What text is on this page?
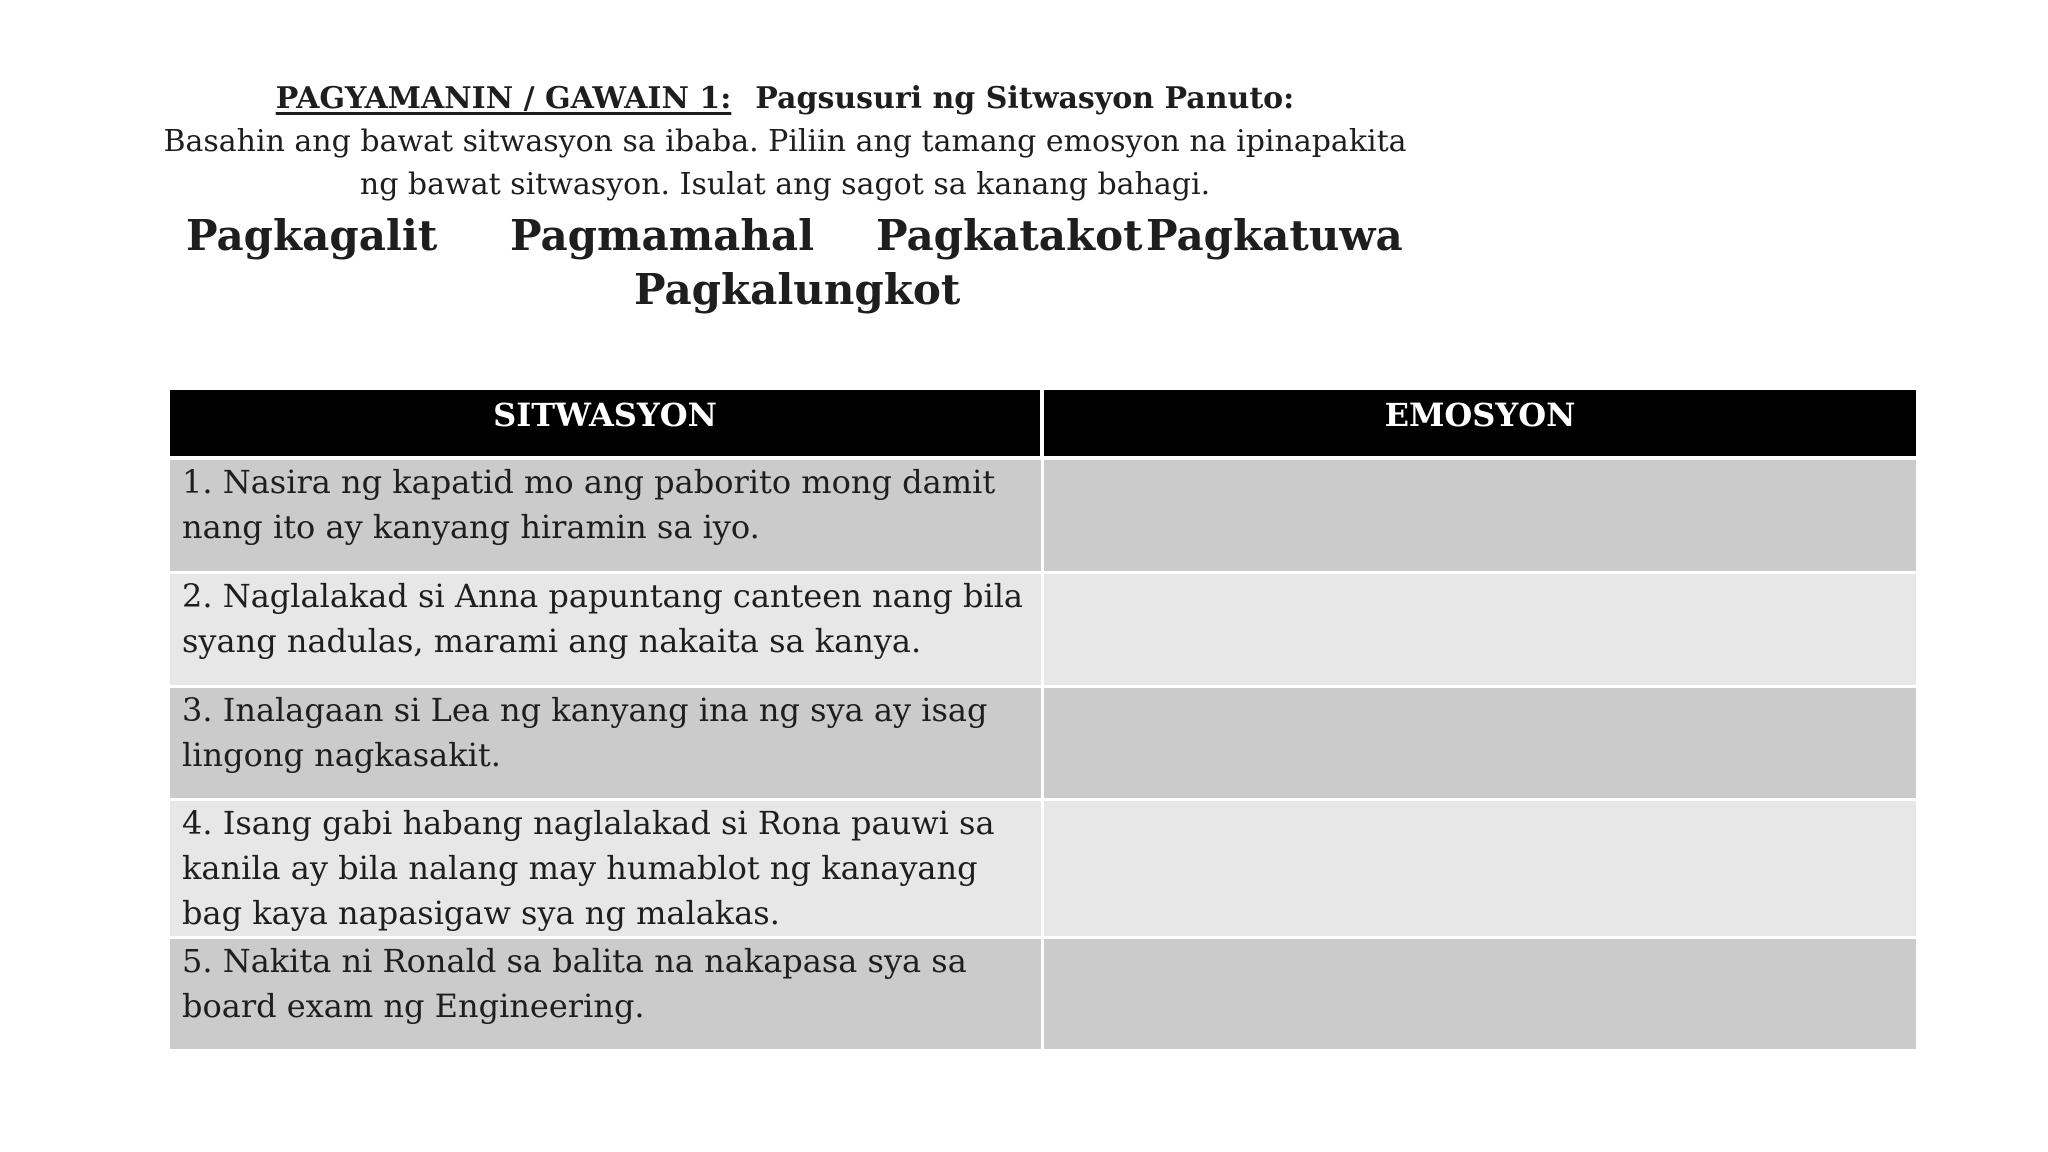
PAGYAMANIN / GAWAIN 1: Pagsusuri ng Sitwasyon Panuto:
Basahin ang bawat sitwasyon sa ibaba. Piliin ang tamang emosyon na ipinapakita
ng bawat sitwasyon. Isulat ang sagot sa kanang bahagi.
Pagkagalit Pagmamahal Pagkatakot Pagkatuwa
Pagkalungkot
SITWASYON	EMOSYON
1. Nasira ng kapatid mo ang paborito mong damit nang ito ay kanyang hiramin sa iyo.	
2. Naglalakad si Anna papuntang canteen nang bila syang nadulas, marami ang nakaita sa kanya.	
3. Inalagaan si Lea ng kanyang ina ng sya ay isag lingong nagkasakit.	
4. Isang gabi habang naglalakad si Rona pauwi sa kanila ay bila nalang may humablot ng kanayang bag kaya napasigaw sya ng malakas.	
5. Nakita ni Ronald sa balita na nakapasa sya sa board exam ng Engineering.	
